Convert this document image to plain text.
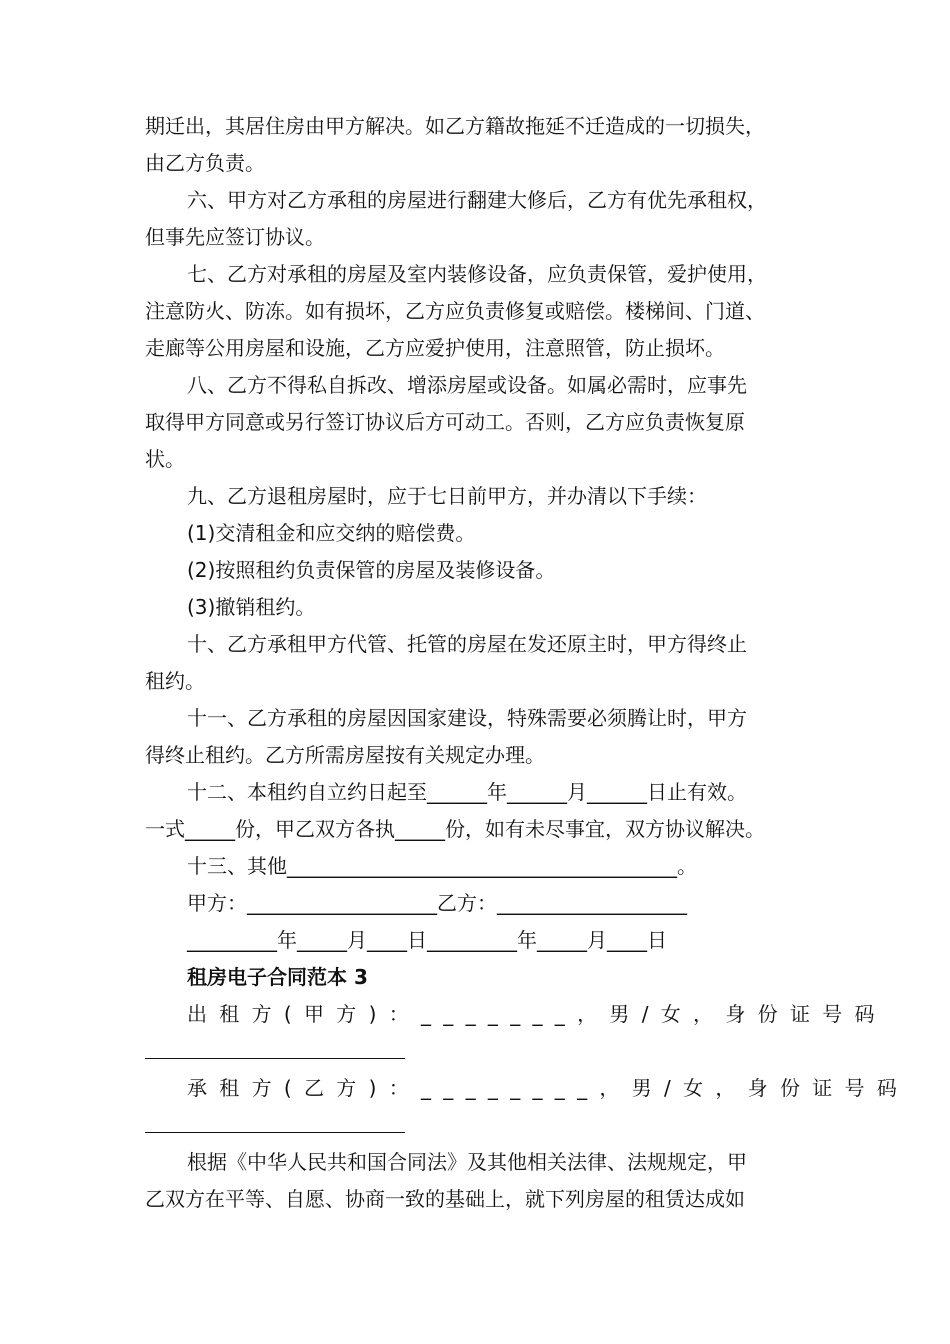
期迁出，其居住房由甲方解决。如乙方籍故拖延不迁造成的一切损失，
由乙方负责。
六、甲方对乙方承租的房屋进行翻建大修后，乙方有优先承租权，
但事先应签订协议。
七、乙方对承租的房屋及室内装修设备，应负责保管，爱护使用，
注意防火、防冻。如有损坏，乙方应负责修复或赔偿。楼梯间、门道、
走廊等公用房屋和设施，乙方应爱护使用，注意照管，防止损坏。
八、乙方不得私自拆改、增添房屋或设备。如属必需时，应事先
取得甲方同意或另行签订协议后方可动工。否则，乙方应负责恢复原
状。
九、乙方退租房屋时，应于七日前甲方，并办清以下手续：
(1)交清租金和应交纳的赔偿费。
(2)按照租约负责保管的房屋及装修设备。
(3)撤销租约。
十、乙方承租甲方代管、托管的房屋在发还原主时，甲方得终止
租约。
十一、乙方承租的房屋因国家建设，特殊需要必须腾让时，甲方
得终止租约。乙方所需房屋按有关规定办理。
十二、本租约自立约日起至______年______月______日止有效。
一式_____份，甲乙双方各执_____份，如有未尽事宜，双方协议解决。
十三、其他_______________________________________。
甲方：___________________乙方：___________________
_________年_____月____日_________年_____月____日
租房电子合同范本 3
出租方(甲方)：_______，男/女，身份证号码
承租方(乙方)：________，男/女，身份证号码
根据《中华人民共和国合同法》及其他相关法律、法规规定，甲
乙双方在平等、自愿、协商一致的基础上，就下列房屋的租赁达成如
